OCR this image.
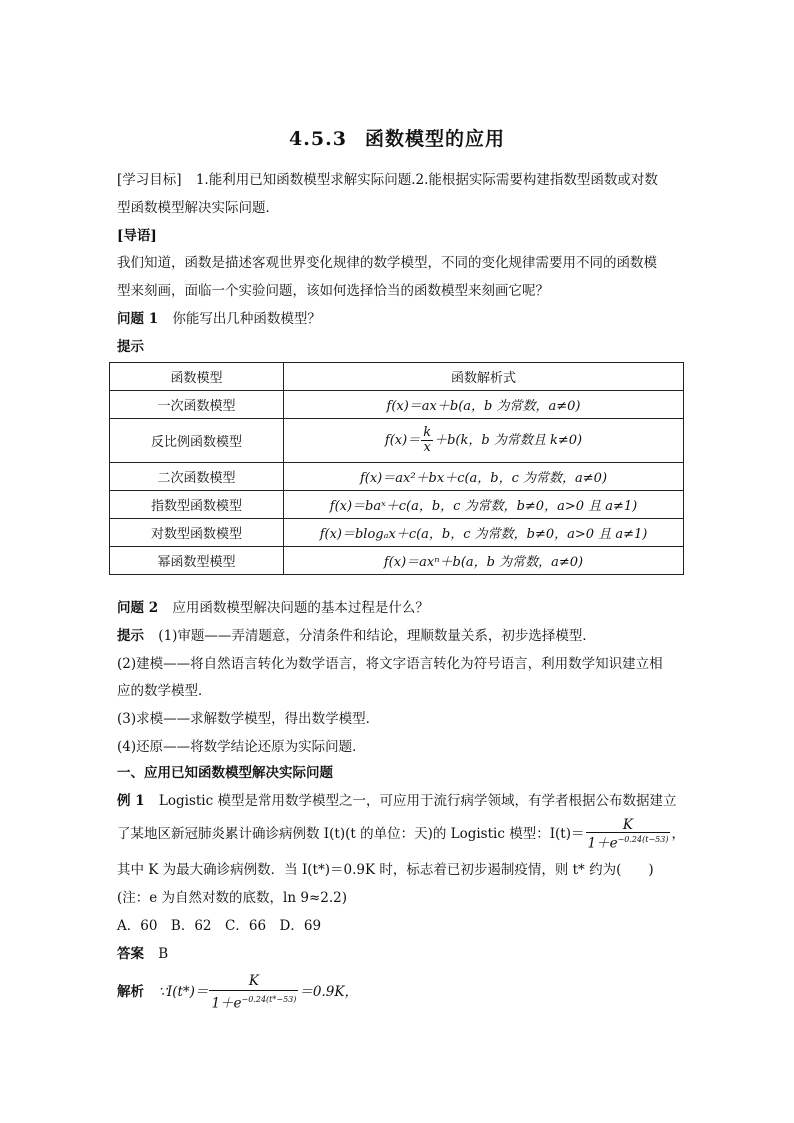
4.5.3 函数模型的应用
[学习目标] 1.能利用已知函数模型求解实际问题.2.能根据实际需要构建指数型函数或对数
型函数模型解决实际问题．
[导语]
我们知道，函数是描述客观世界变化规律的数学模型，不同的变化规律需要用不同的函数模
型来刻画，面临一个实验问题，该如何选择恰当的函数模型来刻画它呢？
问题 1 你能写出几种函数模型？
提示
函数模型	函数解析式
一次函数模型	f(x)＝ax＋b(a，b 为常数，a≠0)
反比例函数模型	$f(x)= \frac{k}{x} +b(k$，b 为常数且 k≠0)
二次函数模型	f(x)＝ax²＋bx＋c(a，b，c 为常数，a≠0)
指数型函数模型	f(x)＝baˣ＋c(a，b，c 为常数，b≠0，a>0 且 a≠1)
对数型函数模型	f(x)＝blogₐx＋c(a，b，c 为常数，b≠0，a>0 且 a≠1)
幂函数型模型	f(x)＝axⁿ＋b(a，b 为常数，a≠0)
问题 2 应用函数模型解决问题的基本过程是什么？
提示 (1)审题——弄清题意，分清条件和结论，理顺数量关系，初步选择模型．
(2)建模——将自然语言转化为数学语言，将文字语言转化为符号语言，利用数学知识建立相
应的数学模型．
(3)求模——求解数学模型，得出数学模型．
(4)还原——将数学结论还原为实际问题．
一、应用已知函数模型解决实际问题
例 1 Logistic 模型是常用数学模型之一，可应用于流行病学领域，有学者根据公布数据建立
了某地区新冠肺炎累计确诊病例数 I(t)(t 的单位：天)的 Logistic 模型：$I(t)= \frac{K}{1+e^{-0.24(t-53)}}$ ，
其中 K 为最大确诊病例数．当 I(t*)＝0.9K 时，标志着已初步遏制疫情，则 t* 约为(　　)
(注：e 为自然对数的底数，ln 9≈2.2)
A．60　B．62　C．66　D．69
答案 B
解析 ∵I(t*)＝ $\frac{K}{1+e^{-0.24(t*-53)}} =0.9K$，
